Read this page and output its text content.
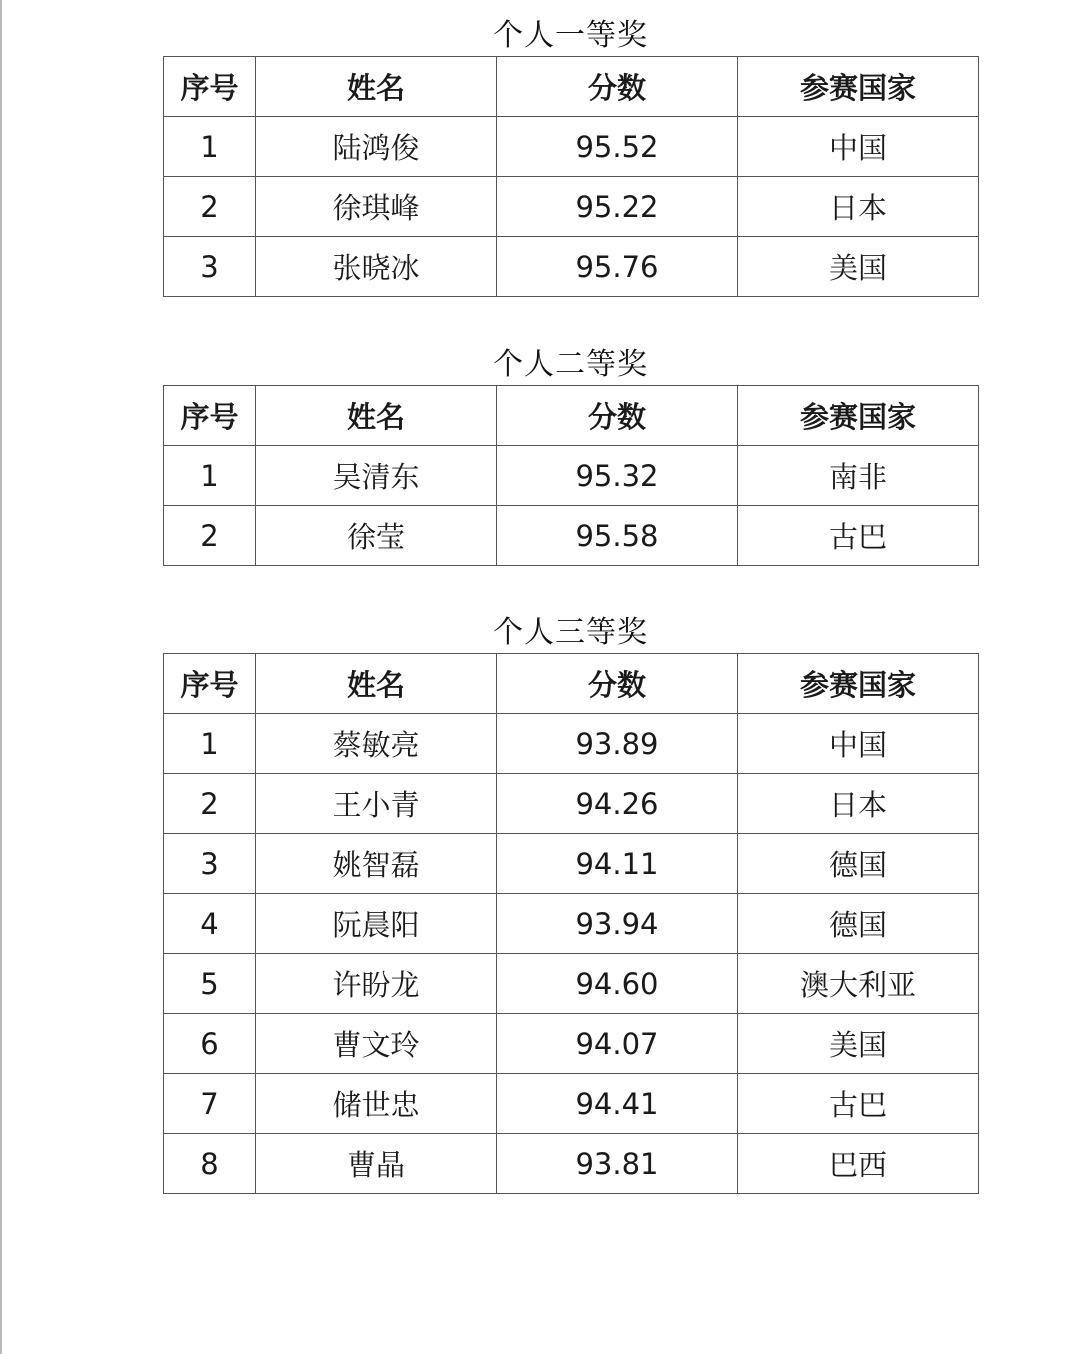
个人一等奖
序号	姓名	分数	参赛国家
1	陆鸿俊	95.52	中国
2	徐琪峰	95.22	日本
3	张晓冰	95.76	美国
个人二等奖
序号	姓名	分数	参赛国家
1	吴清东	95.32	南非
2	徐莹	95.58	古巴
个人三等奖
序号	姓名	分数	参赛国家
1	蔡敏亮	93.89	中国
2	王小青	94.26	日本
3	姚智磊	94.11	德国
4	阮晨阳	93.94	德国
5	许盼龙	94.60	澳大利亚
6	曹文玲	94.07	美国
7	储世忠	94.41	古巴
8	曹晶	93.81	巴西
